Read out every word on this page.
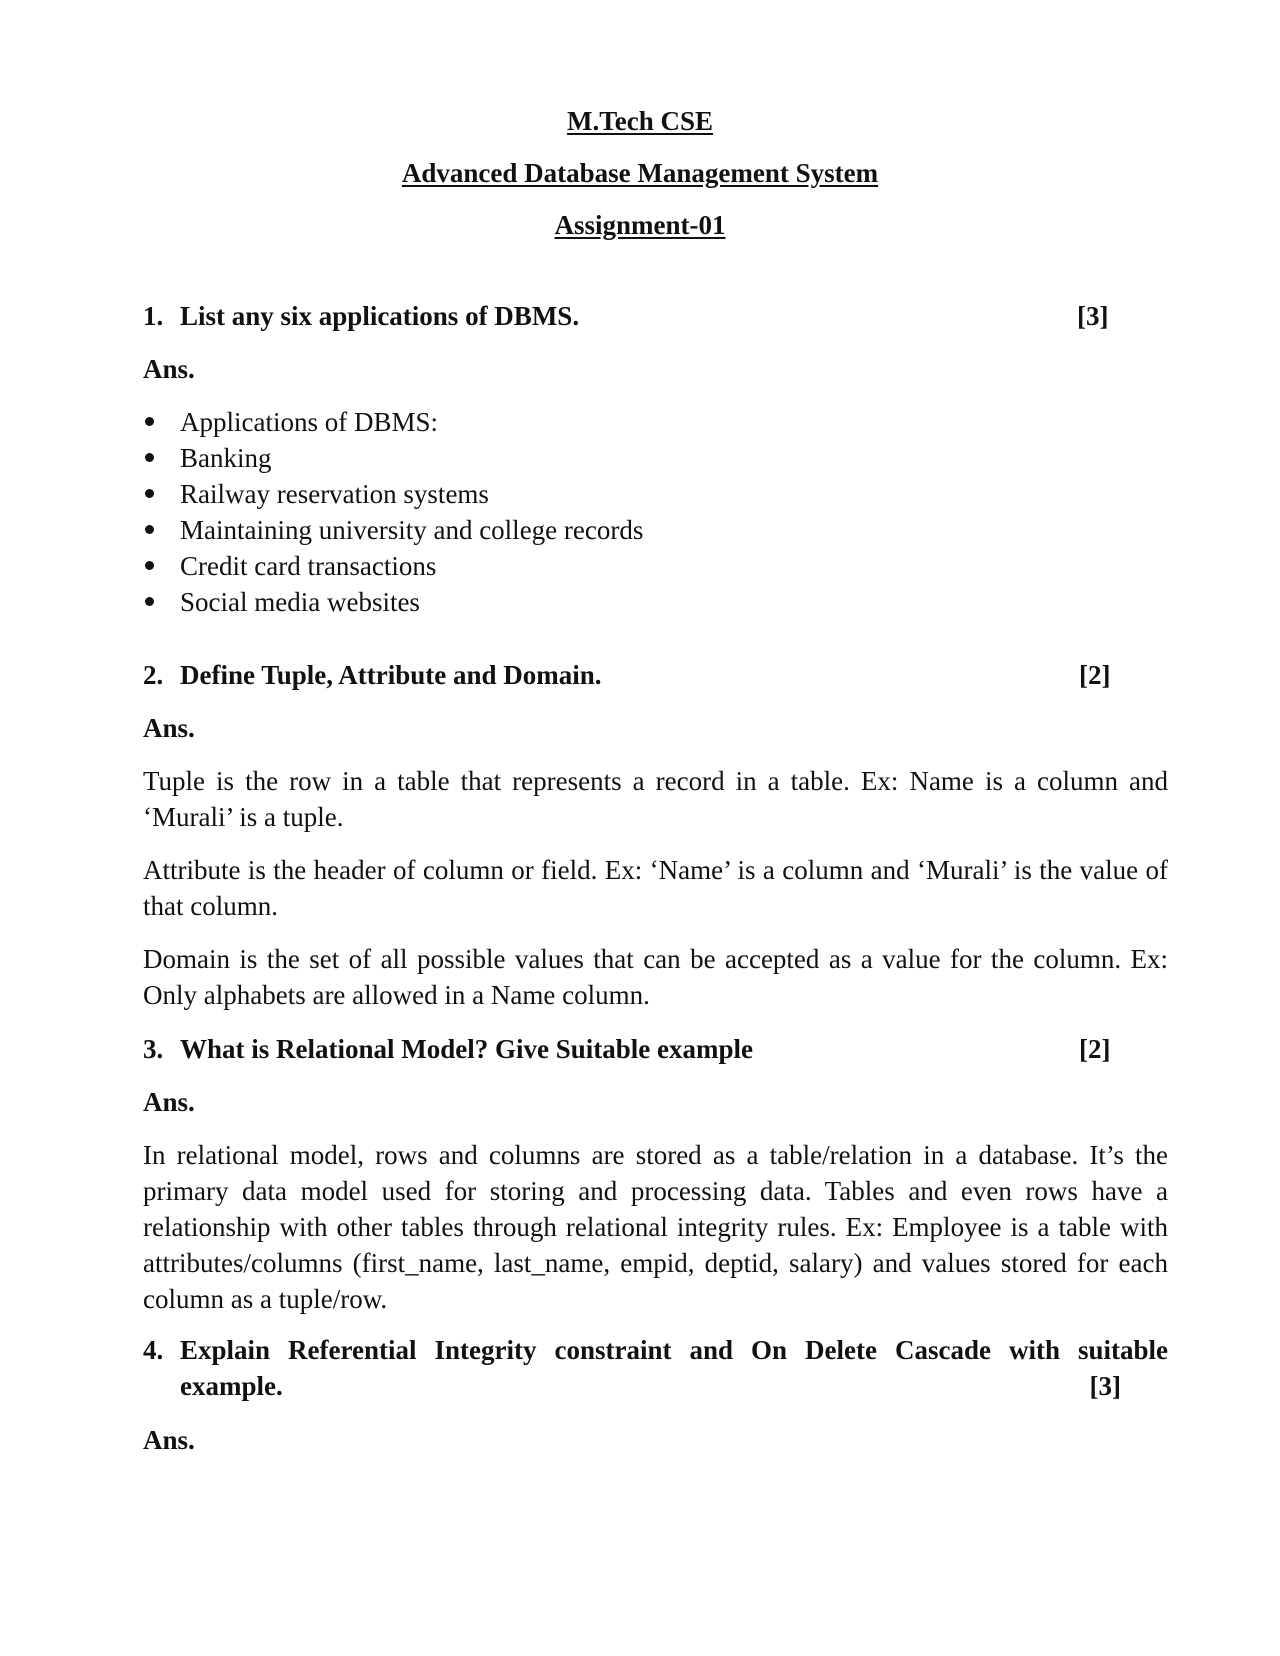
M.Tech CSE
Advanced Database Management System
Assignment-01
1. List any six applications of DBMS.	[3]
Ans.
Applications of DBMS:
Banking
Railway reservation systems
Maintaining university and college records
Credit card transactions
Social media websites
2. Define Tuple, Attribute and Domain.	[2]
Ans.

Tuple is the row in a table that represents a record in a table. Ex: Name is a column and ‘Murali’ is a tuple.

Attribute is the header of column or field. Ex: ‘Name’ is a column and ‘Murali’ is the value of that column.

Domain is the set of all possible values that can be accepted as a value for the column. Ex: Only alphabets are allowed in a Name column.

3. What is Relational Model? Give Suitable example	[2]
Ans.

In relational model, rows and columns are stored as a table/relation in a database. It’s the primary data model used for storing and processing data. Tables and even rows have a relationship with other tables through relational integrity rules. Ex: Employee is a table with attributes/columns (first_name, last_name, empid, deptid, salary) and values stored for each column as a tuple/row.

4. Explain Referential Integrity constraint and On Delete Cascade with suitable
example.	[3]
Ans.
